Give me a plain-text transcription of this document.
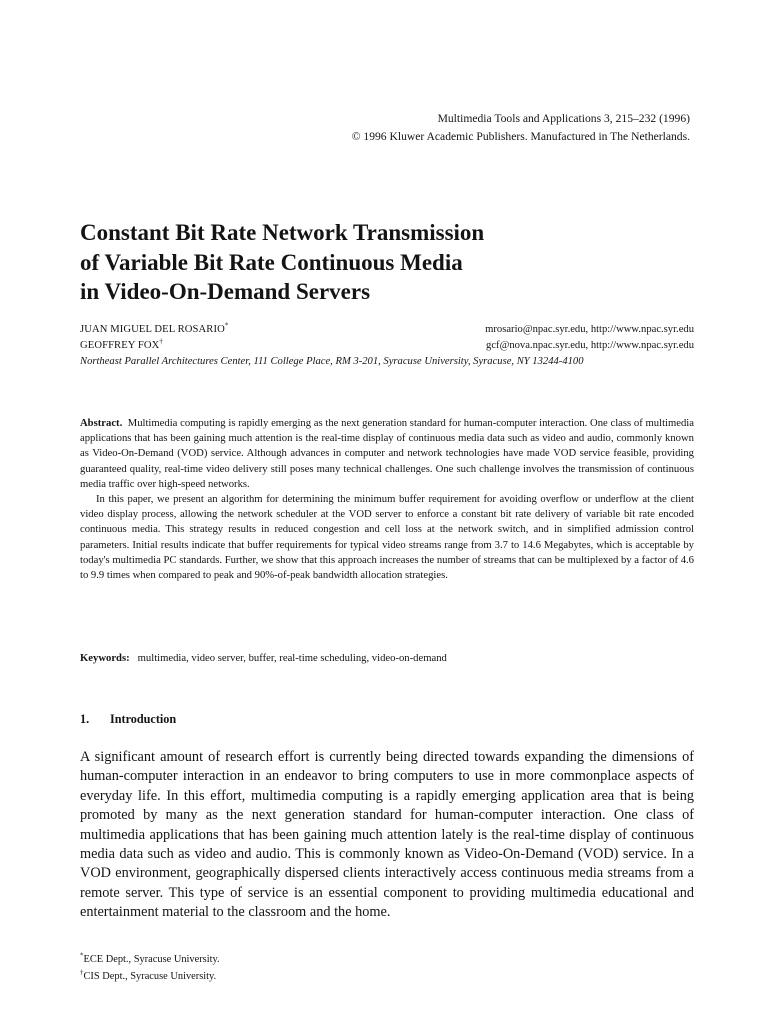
Multimedia Tools and Applications 3, 215–232 (1996)
© 1996 Kluwer Academic Publishers. Manufactured in The Netherlands.
Constant Bit Rate Network Transmission
of Variable Bit Rate Continuous Media
in Video-On-Demand Servers
JUAN MIGUEL DEL ROSARIO*	mrosario@npac.syr.edu, http://www.npac.syr.edu
GEOFFREY FOX†	gcf@nova.npac.syr.edu, http://www.npac.syr.edu

Northeast Parallel Architectures Center, 111 College Place, RM 3-201, Syracuse University, Syracuse, NY 13244-4100

Abstract. Multimedia computing is rapidly emerging as the next generation standard for human-computer interaction. One class of multimedia applications that has been gaining much attention is the real-time display of continuous media data such as video and audio, commonly known as Video-On-Demand (VOD) service. Although advances in computer and network technologies have made VOD service feasible, providing guaranteed quality, real-time video delivery still poses many technical challenges. One such challenge involves the transmission of continuous media traffic over high-speed networks.

In this paper, we present an algorithm for determining the minimum buffer requirement for avoiding overflow or underflow at the client video display process, allowing the network scheduler at the VOD server to enforce a constant bit rate delivery of variable bit rate encoded continuous media. This strategy results in reduced congestion and cell loss at the network switch, and in simplified admission control parameters. Initial results indicate that buffer requirements for typical video streams range from 3.7 to 14.6 Megabytes, which is acceptable by today's multimedia PC standards. Further, we show that this approach increases the number of streams that can be multiplexed by a factor of 4.6 to 9.9 times when compared to peak and 90%-of-peak bandwidth allocation strategies.

Keywords: multimedia, video server, buffer, real-time scheduling, video-on-demand
1. Introduction

A significant amount of research effort is currently being directed towards expanding the dimensions of human-computer interaction in an endeavor to bring computers to use in more commonplace aspects of everyday life. In this effort, multimedia computing is a rapidly emerging application area that is being promoted by many as the next generation standard for human-computer interaction. One class of multimedia applications that has been gaining much attention lately is the real-time display of continuous media data such as video and audio. This is commonly known as Video-On-Demand (VOD) service. In a VOD environment, geographically dispersed clients interactively access continuous media streams from a remote server. This type of service is an essential component to providing multimedia educational and entertainment material to the classroom and the home.

*ECE Dept., Syracuse University.
†CIS Dept., Syracuse University.
